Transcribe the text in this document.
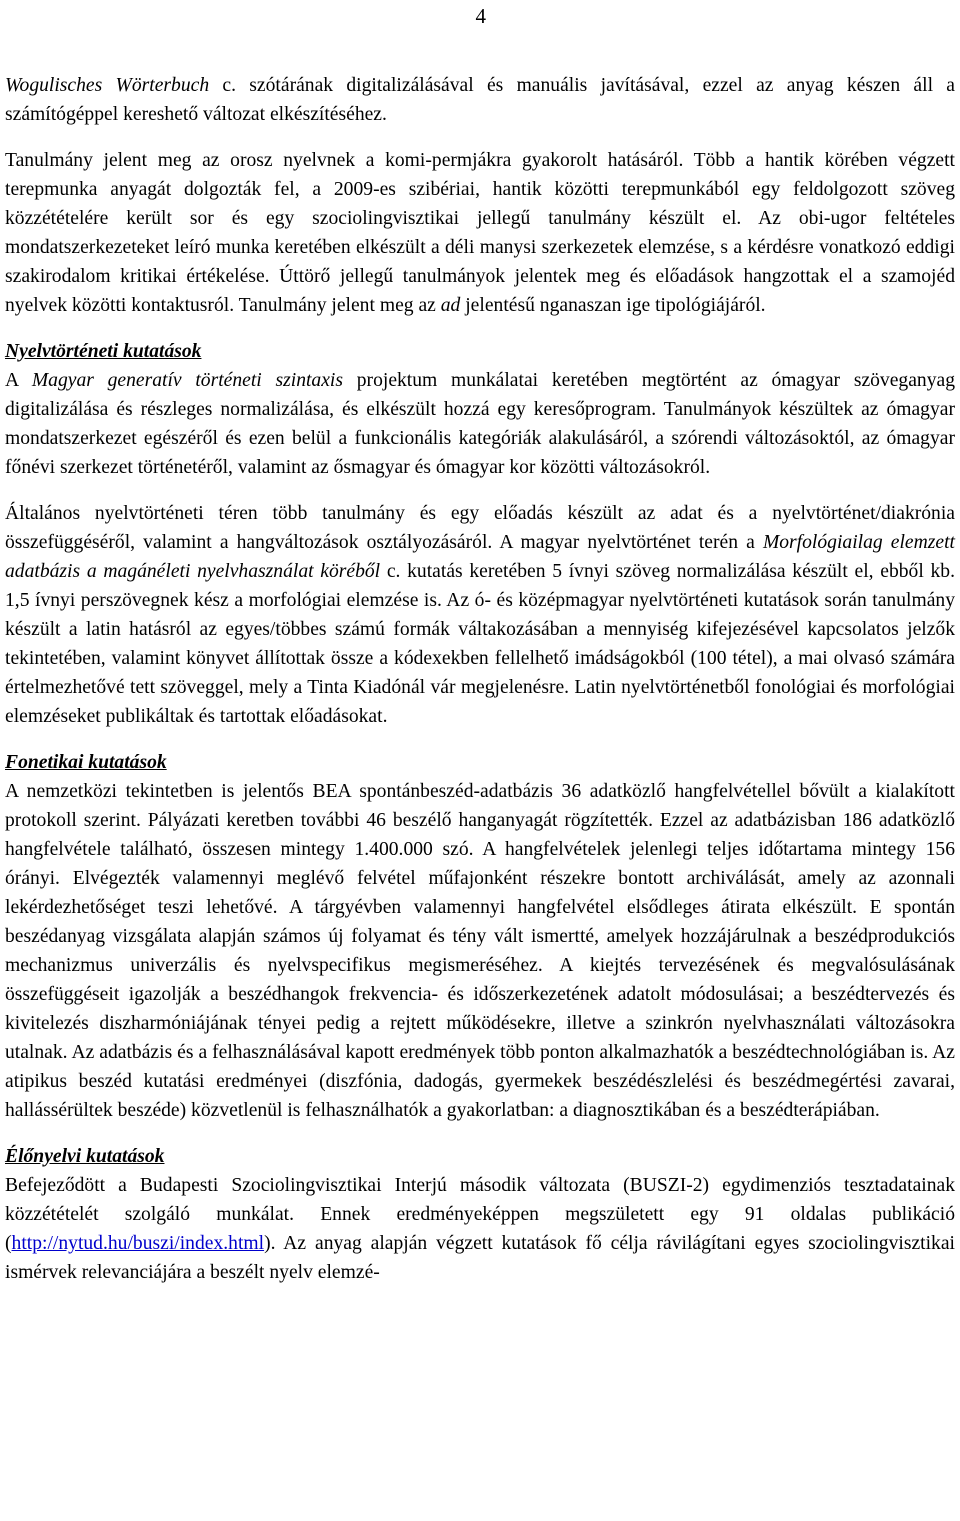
4

Wogulisches Wörterbuch c. szótárának digitalizálásával és manuális javításával, ezzel az anyag készen áll a számítógéppel kereshető változat elkészítéséhez.

Tanulmány jelent meg az orosz nyelvnek a komi-permjákra gyakorolt hatásáról. Több a hantik körében végzett terepmunka anyagát dolgozták fel, a 2009-es szibériai, hantik közötti terepmunkából egy feldolgozott szöveg közzétételére került sor és egy szociolingvisztikai jellegű tanulmány készült el. Az obi-ugor feltételes mondatszerkezeteket leíró munka keretében elkészült a déli manysi szerkezetek elemzése, s a kérdésre vonatkozó eddigi szakirodalom kritikai értékelése. Úttörő jellegű tanulmányok jelentek meg és előadások hangzottak el a szamojéd nyelvek közötti kontaktusról. Tanulmány jelent meg az ad jelentésű nganaszan ige tipológiájáról.

Nyelvtörténeti kutatások

A Magyar generatív történeti szintaxis projektum munkálatai keretében megtörtént az ómagyar szöveganyag digitalizálása és részleges normalizálása, és elkészült hozzá egy keresőprogram. Tanulmányok készültek az ómagyar mondatszerkezet egészéről és ezen belül a funkcionális kategóriák alakulásáról, a szórendi változásoktól, az ómagyar főnévi szerkezet történetéről, valamint az ősmagyar és ómagyar kor közötti változásokról.

Általános nyelvtörténeti téren több tanulmány és egy előadás készült az adat és a nyelvtörténet/diakrónia összefüggéséről, valamint a hangváltozások osztályozásáról. A magyar nyelvtörténet terén a Morfológiailag elemzett adatbázis a magánéleti nyelvhasználat köréből c. kutatás keretében 5 ívnyi szöveg normalizálása készült el, ebből kb. 1,5 ívnyi perszövegnek kész a morfológiai elemzése is. Az ó- és középmagyar nyelvtörténeti kutatások során tanulmány készült a latin hatásról az egyes/többes számú formák váltakozásában a mennyiség kifejezésével kapcsolatos jelzők tekintetében, valamint könyvet állítottak össze a kódexekben fellelhető imádságokból (100 tétel), a mai olvasó számára értelmezhetővé tett szöveggel, mely a Tinta Kiadónál vár megjelenésre. Latin nyelvtörténetből fonológiai és morfológiai elemzéseket publikáltak és tartottak előadásokat.

Fonetikai kutatások

A nemzetközi tekintetben is jelentős BEA spontánbeszéd-adatbázis 36 adatközlő hangfelvétellel bővült a kialakított protokoll szerint. Pályázati keretben további 46 beszélő hanganyagát rögzítették. Ezzel az adatbázisban 186 adatközlő hangfelvétele található, összesen mintegy 1.400.000 szó. A hangfelvételek jelenlegi teljes időtartama mintegy 156 órányi. Elvégezték valamennyi meglévő felvétel műfajonként részekre bontott archiválását, amely az azonnali lekérdezhetőséget teszi lehetővé. A tárgyévben valamennyi hangfelvétel elsődleges átirata elkészült. E spontán beszédanyag vizsgálata alapján számos új folyamat és tény vált ismertté, amelyek hozzájárulnak a beszédprodukciós mechanizmus univerzális és nyelvspecifikus megismeréséhez. A kiejtés tervezésének és megvalósulásának összefüggéseit igazolják a beszédhangok frekvencia- és időszerkezetének adatolt módosulásai; a beszédtervezés és kivitelezés diszharmóniájának tényei pedig a rejtett működésekre, illetve a szinkrón nyelvhasználati változásokra utalnak. Az adatbázis és a felhasználásával kapott eredmények több ponton alkalmazhatók a beszédtechnológiában is. Az atipikus beszéd kutatási eredményei (diszfónia, dadogás, gyermekek beszédészlelési és beszédmegértési zavarai, hallássérültek beszéde) közvetlenül is felhasználhatók a gyakorlatban: a diagnosztikában és a beszédterápiában.

Élőnyelvi kutatások

Befejeződött a Budapesti Szociolingvisztikai Interjú második változata (BUSZI-2) egydimenziós tesztadatainak közzétételét szolgáló munkálat. Ennek eredményeképpen megszületett egy 91 oldalas publikáció (http://nytud.hu/buszi/index.html). Az anyag alapján végzett kutatások fő célja rávilágítani egyes szociolingvisztikai ismérvek relevanciájára a beszélt nyelv elemzé-
